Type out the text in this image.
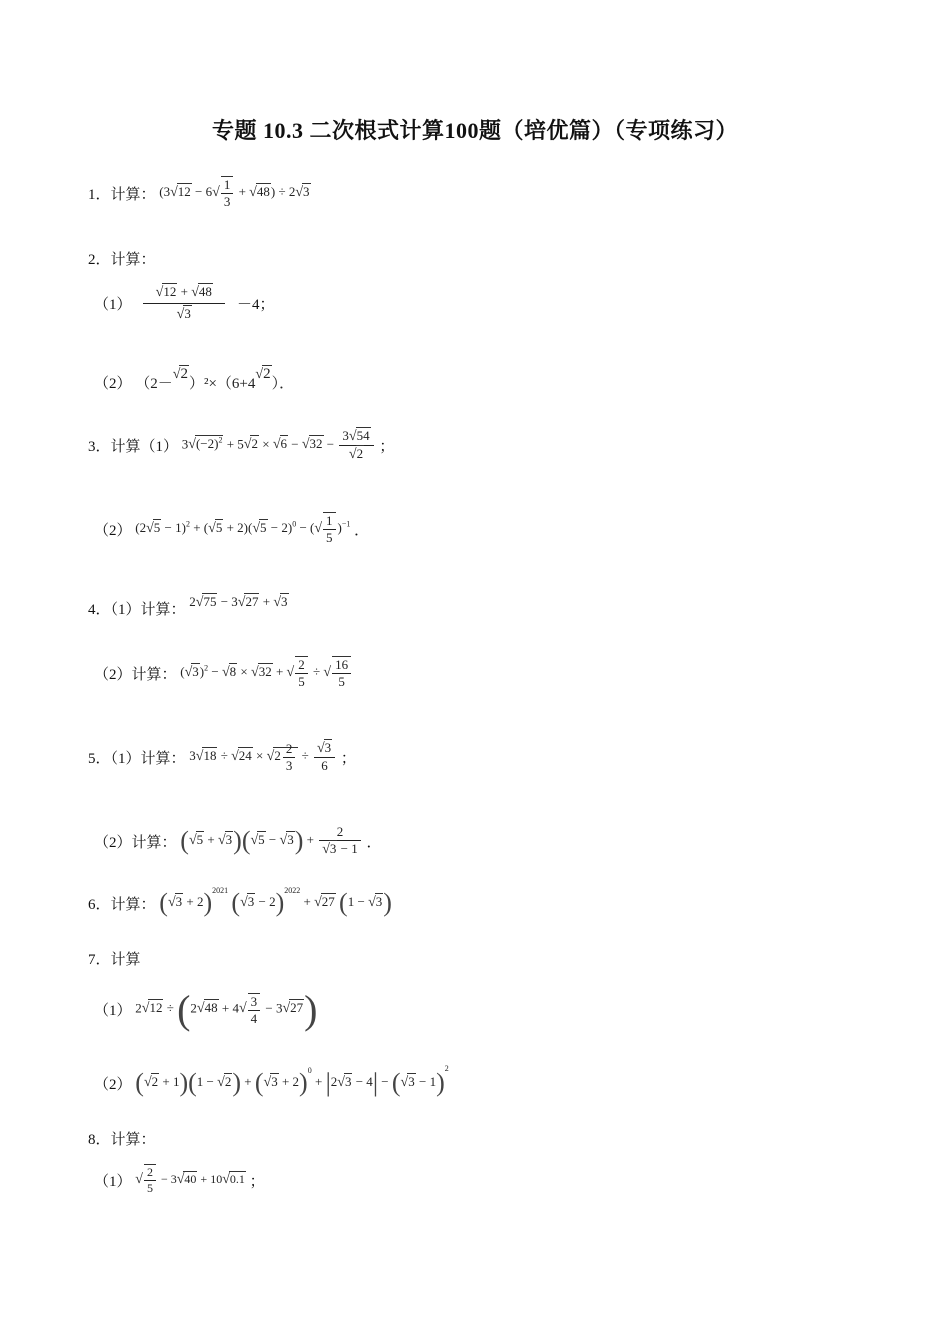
专题 10.3 二次根式计算100题（培优篇）（专项练习）
1．计算： $(3√12 - 6√ \frac{1}{3} + √48) \div 2√3$
2．计算：
$(1) \frac{√12 + √48}{√3} -4$；
（2） （2－√2）²×（6+4√2）．
3．计算（1） $3√(-2)^2 + 5√2 \times √6 - √32 - \frac{3√54}{√2}$ ；
（2） $(2√5 - 1)^2 + (√5 + 2)(√5 - 2)^0$ − (√ $\frac{1}{5} )^{-1}$ ．
4．（1）计算： 2√75 − 3√27 + √3
（2）计算： $(√3)^2 - √8 \times √32$ + √ $\frac{2}{5}$ ÷ √ $\frac{16}{5}$
5．（1）计算： $3√18 \div √24 \times √2 \frac{2}{3} \div \frac{√3}{6}$ ；
（2）计算： $(√5 + √3)(√5 - √3) + \frac{2}{√3 - 1}$ ．
6．计算： $(√3 + 2)^{2021}$ $(√3 - 2)^{2022} + √27$ (1 − √3)
7．计算
（1） $2√12 \div (2√48 + 4√ \frac{3}{4} - 3√27)$
（2） $(√2 + 1)(1 - √2) + (√3 + 2)^0 + |2√3 - 4| - (√3 - 1)^2$
8．计算：
（1） √ $\frac{2}{5} - 3√40 + 10√0.1$ ；
